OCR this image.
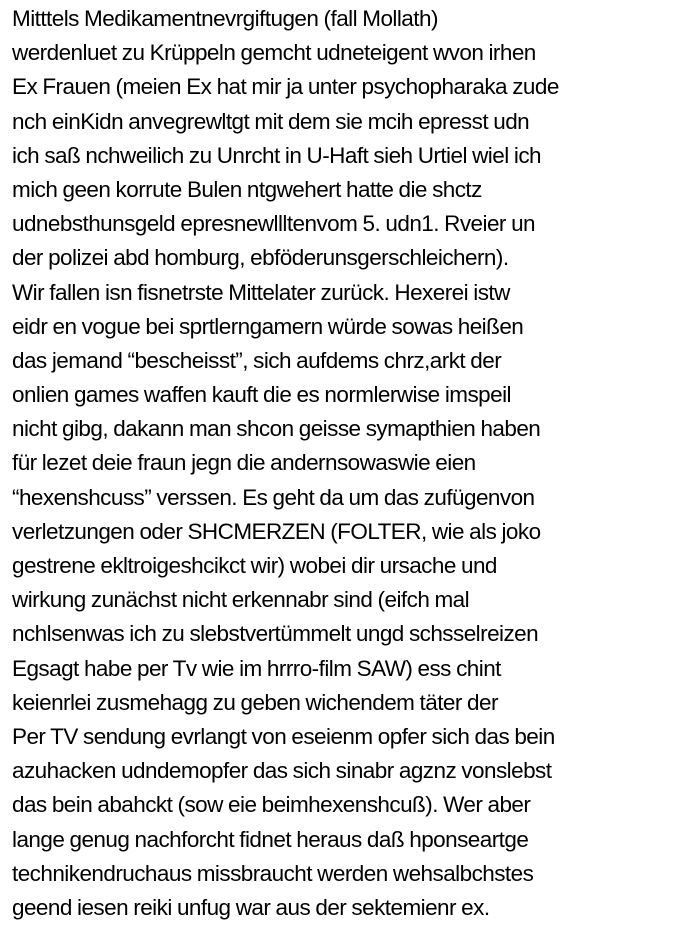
Mitttels Medikamentnevrgiftugen (fall Mollath)
werdenluet zu Krüppeln gemcht udneteigent wvon irhen
Ex Frauen (meien Ex hat mir ja unter psychopharaka zude
nch einKidn anvegrewltgt mit dem sie mcih epresst udn
ich saß nchweilich zu Unrcht in U-Haft sieh Urtiel wiel ich
mich geen korrute Bulen ntgwehert hatte die shctz
udnebsthunsgeld epresnewllltenvom 5. udn1. Rveier un
der polizei abd homburg, ebföderunsgerschleichern).
Wir fallen isn fisnetrste Mittelater zurück. Hexerei istw
eidr en vogue bei sprtlerngamern würde sowas heißen
das jemand “bescheisst”, sich aufdems chrz,arkt der
onlien games waffen kauft die es normlerwise imspeil
nicht gibg, dakann man shcon geisse symapthien haben
für lezet deie fraun jegn die andernsowaswie eien
“hexenshcuss” verssen. Es geht da um das zufügenvon
verletzungen oder SHCMERZEN (FOLTER, wie als joko
gestrene ekltroigeshcikct wir) wobei dir ursache und
wirkung zunächst nicht erkennabr sind (eifch mal
nchlsenwas ich zu slebstvertümmelt ungd schsselreizen
Egsagt habe per Tv wie im hrrro-film SAW) ess chint
keienrlei zusmehagg zu geben wichendem täter der
Per TV sendung evrlangt von eseienm opfer sich das bein
azuhacken udndemopfer das sich sinabr agznz vonslebst
das bein abahckt (sow eie beimhexenshcuß). Wer aber
lange genug nachforcht fidnet heraus daß hponseartge
technikendruchaus missbraucht werden wehsalbchstes
geend iesen reiki unfug war aus der sektemienr ex.
